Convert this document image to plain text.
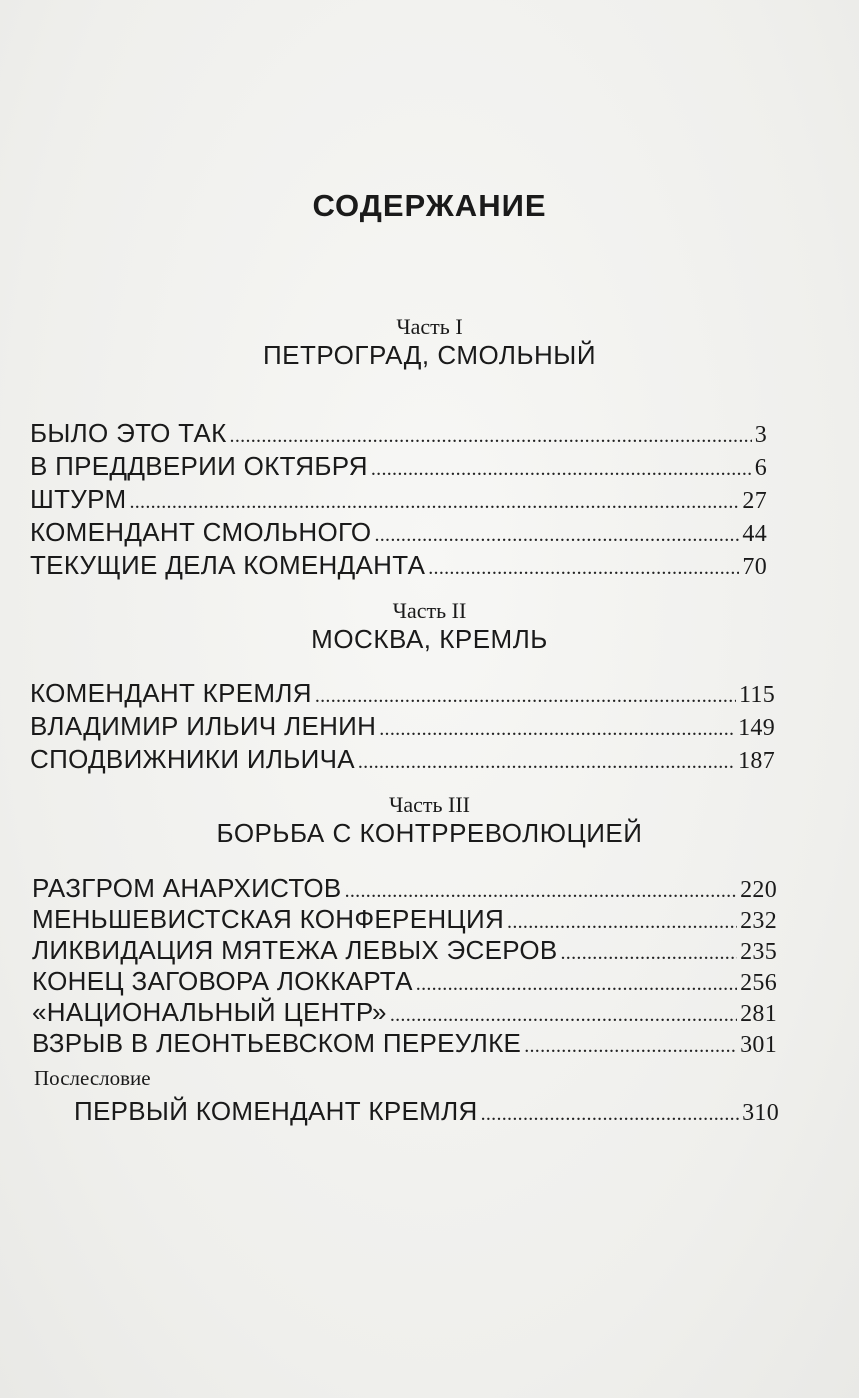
СОДЕРЖАНИЕ
Часть I
ПЕТРОГРАД, СМОЛЬНЫЙ
БЫЛО ЭТО ТАК .....	3
В ПРЕДДВЕРИИ ОКТЯБРЯ .....	6
ШТУРМ .....	27
КОМЕНДАНТ СМОЛЬНОГО .....	44
ТЕКУЩИЕ ДЕЛА КОМЕНДАНТА .....	70
Часть II
МОСКВА, КРЕМЛЬ
КОМЕНДАНТ КРЕМЛЯ .....	115
ВЛАДИМИР ИЛЬИЧ ЛЕНИН .....	149
СПОДВИЖНИКИ ИЛЬИЧА .....	187
Часть III
БОРЬБА С КОНТРРЕВОЛЮЦИЕЙ
РАЗГРОМ АНАРХИСТОВ .....	220
МЕНЬШЕВИСТСКАЯ КОНФЕРЕНЦИЯ .....	232
ЛИКВИДАЦИЯ МЯТЕЖА ЛЕВЫХ ЭСЕРОВ .....	235
КОНЕЦ ЗАГОВОРА ЛОККАРТА .....	256
«НАЦИОНАЛЬНЫЙ ЦЕНТР» .....	281
ВЗРЫВ В ЛЕОНТЬЕВСКОМ ПЕРЕУЛКЕ .....	301
Послесловие
ПЕРВЫЙ КОМЕНДАНТ КРЕМЛЯ .....	310
